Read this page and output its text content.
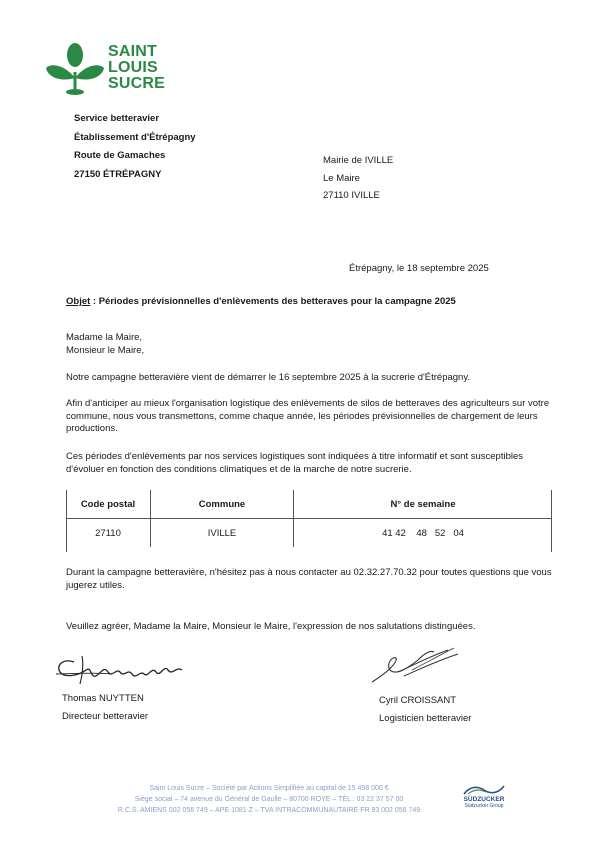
SAINT
LOUIS
SUCRE
Service betteravier
Établissement d'Étrépagny
Route de Gamaches
27150 ÉTRÉPAGNY
Mairie de IVILLE
Le Maire
27110 IVILLE
Étrépagny, le 18 septembre 2025
Objet : Périodes prévisionnelles d'enlèvements des betteraves pour la campagne 2025
Madame la Maire,
Monsieur le Maire,
Notre campagne betteravière vient de démarrer le 16 septembre 2025 à la sucrerie d'Étrépagny.
Afin d'anticiper au mieux l'organisation logistique des enlèvements de silos de betteraves des agriculteurs sur votre commune, nous vous transmettons, comme chaque année, les périodes prévisionnelles de chargement de leurs productions.
Ces périodes d'enlèvements par nos services logistiques sont indiquées à titre informatif et sont susceptibles d'évoluer en fonction des conditions climatiques et de la marche de notre sucrerie.
Code postal	Commune	N° de semaine
27110	IVILLE	41 42    48   52   04
Durant la campagne betteravière, n'hésitez pas à nous contacter au 02.32.27.70.32 pour toutes questions que vous jugerez utiles.
Veuillez agréer, Madame la Maire, Monsieur le Maire, l'expression de nos salutations distinguées.
Thomas NUYTTEN
Directeur betteravier
Cyril CROISSANT
Logisticien betteravier
Saint Louis Sucre – Société par Actions Simplifiée au capital de 15 458 000 €
Siège social – 74 avenue du Général de Gaulle – 80700 ROYE – TÉL : 03 22 37 57 00
R.C.S. AMIENS 002 056 749 – APE 1081 Z – TVA INTRACOMMUNAUTAIRE FR 93 002 056 749
SÜDZUCKER
Südzucker Group
